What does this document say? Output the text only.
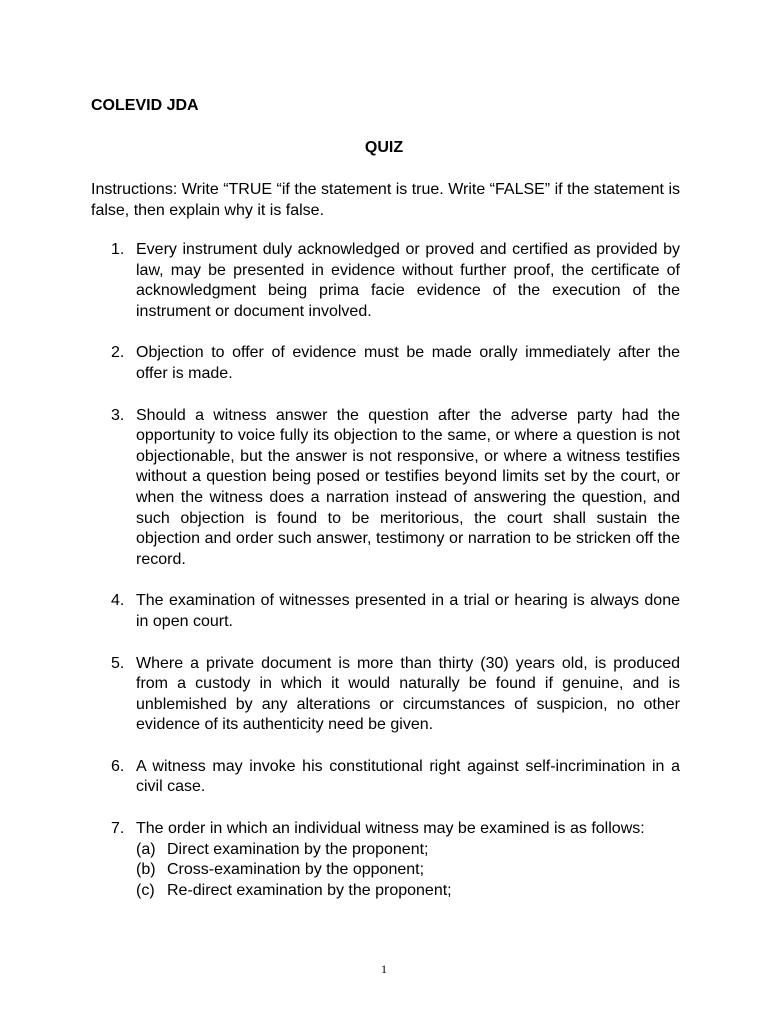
COLEVID JDA
QUIZ
Instructions: Write “TRUE “if the statement is true. Write “FALSE” if the statement is false, then explain why it is false.
1. Every instrument duly acknowledged or proved and certified as provided by law, may be presented in evidence without further proof, the certificate of acknowledgment being prima facie evidence of the execution of the instrument or document involved.
2. Objection to offer of evidence must be made orally immediately after the offer is made.
3. Should a witness answer the question after the adverse party had the opportunity to voice fully its objection to the same, or where a question is not objectionable, but the answer is not responsive, or where a witness testifies without a question being posed or testifies beyond limits set by the court, or when the witness does a narration instead of answering the question, and such objection is found to be meritorious, the court shall sustain the objection and order such answer, testimony or narration to be stricken off the record.
4. The examination of witnesses presented in a trial or hearing is always done in open court.
5. Where a private document is more than thirty (30) years old, is produced from a custody in which it would naturally be found if genuine, and is unblemished by any alterations or circumstances of suspicion, no other evidence of its authenticity need be given.
6. A witness may invoke his constitutional right against self-incrimination in a civil case.
7. The order in which an individual witness may be examined is as follows:
(a) Direct examination by the proponent;
(b) Cross-examination by the opponent;
(c) Re-direct examination by the proponent;
1
